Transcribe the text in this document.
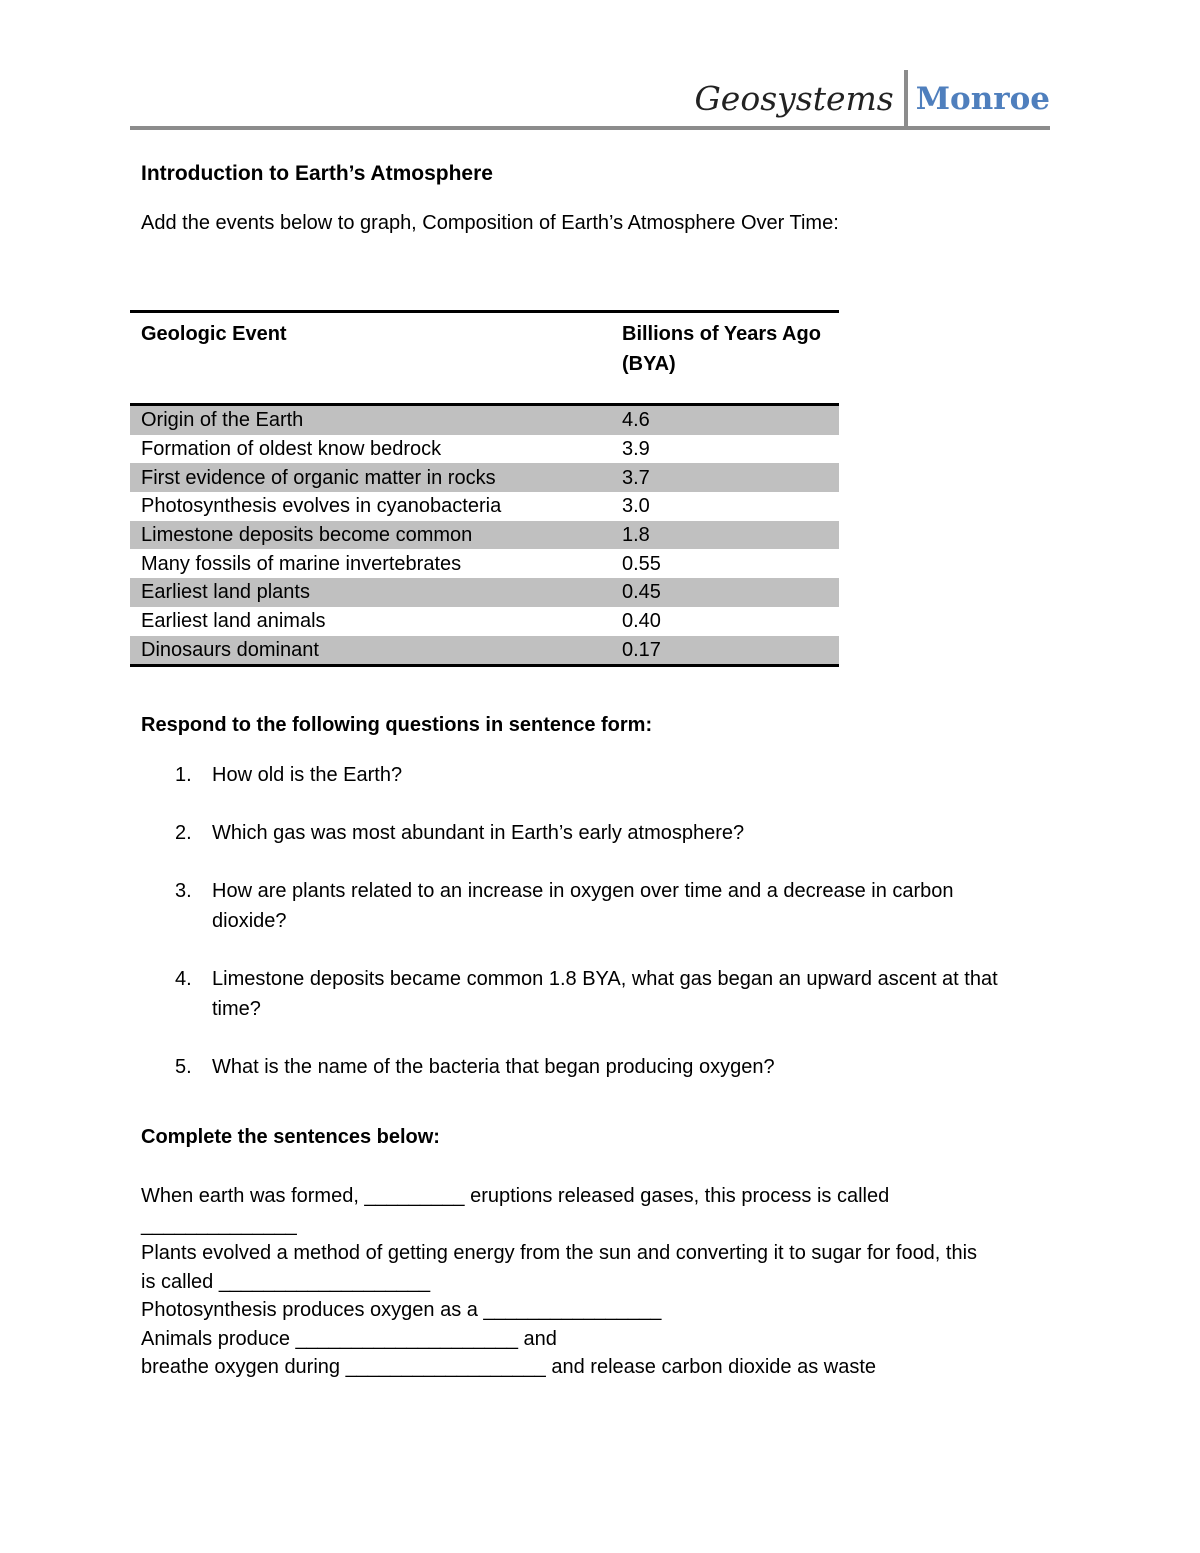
Geosystems Monroe
Introduction to Earth’s Atmosphere
Add the events below to graph, Composition of Earth’s Atmosphere Over Time:
Geologic Event	Billions of Years Ago
(BYA)
Origin of the Earth	4.6
Formation of oldest know bedrock	3.9
First evidence of organic matter in rocks	3.7
Photosynthesis evolves in cyanobacteria	3.0
Limestone deposits become common	1.8
Many fossils of marine invertebrates	0.55
Earliest land plants	0.45
Earliest land animals	0.40
Dinosaurs dominant	0.17
Respond to the following questions in sentence form:
1. How old is the Earth?
2. Which gas was most abundant in Earth’s early atmosphere?
3. How are plants related to an increase in oxygen over time and a decrease in carbon
dioxide?
4. Limestone deposits became common 1.8 BYA, what gas began an upward ascent at that
time?
5. What is the name of the bacteria that began producing oxygen?
Complete the sentences below:

When earth was formed, _________ eruptions released gases, this process is called

______________

Plants evolved a method of getting energy from the sun and converting it to sugar for food, this

is called ___________________

Photosynthesis produces oxygen as a ________________

Animals produce ____________________ and

breathe oxygen during __________________ and release carbon dioxide as waste
